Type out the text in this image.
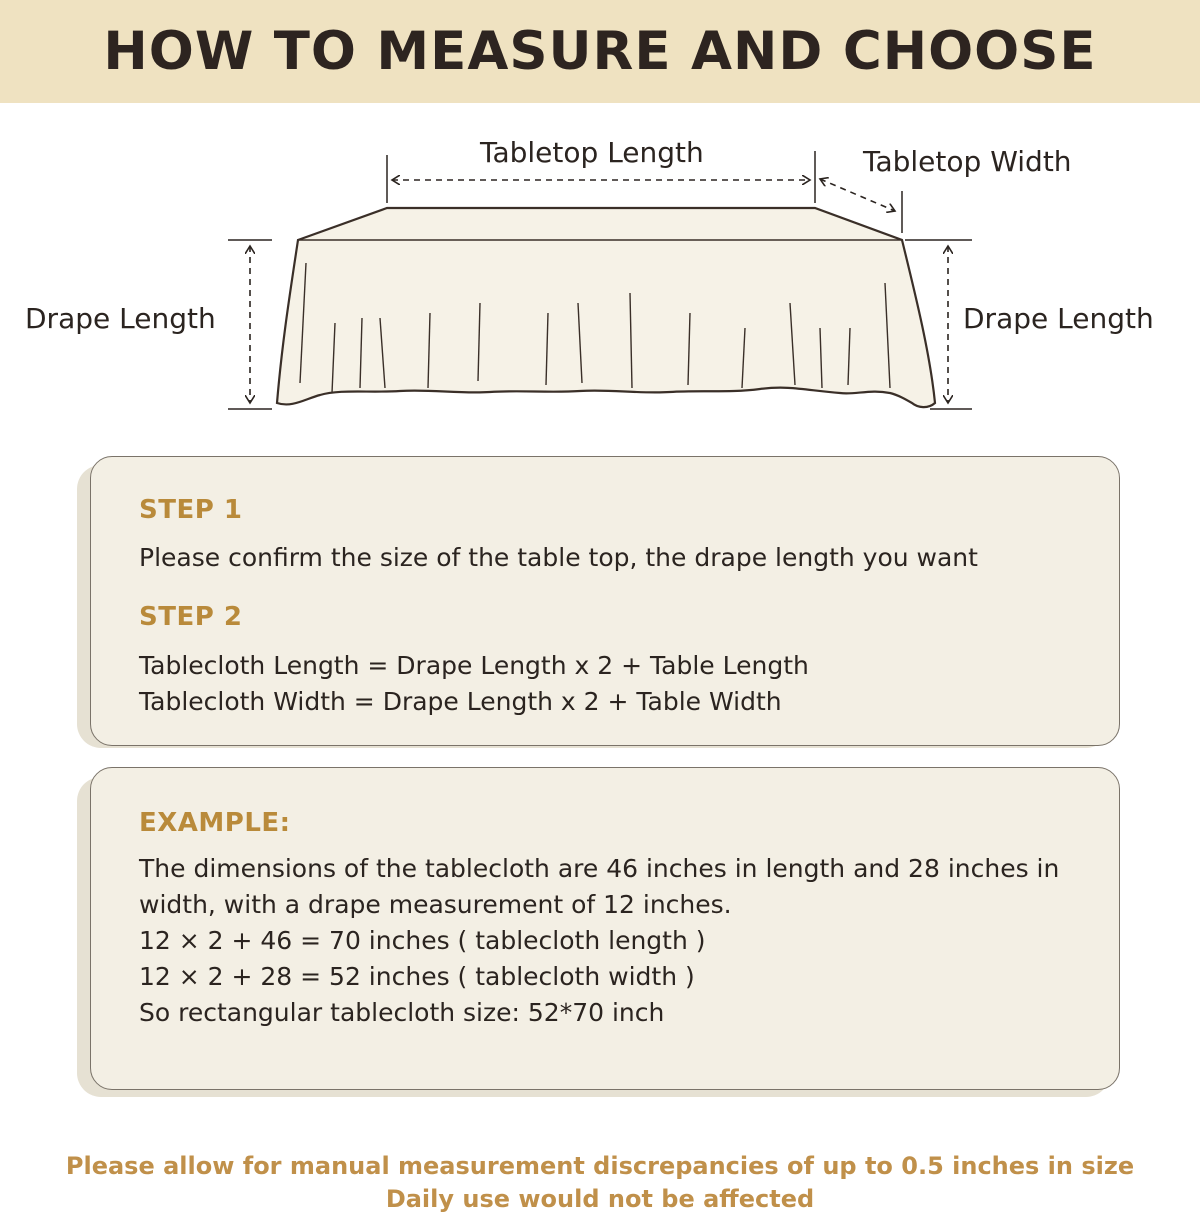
HOW TO MEASURE AND CHOOSE
Tabletop Length	Tabletop Width
Drape Length	Drape Length
STEP 1
Please confirm the size of the table top, the drape length you want
STEP 2
Tablecloth Length = Drape Length x 2 + Table Length
Tablecloth Width = Drape Length x 2 + Table Width
EXAMPLE:
The dimensions of the tablecloth are 46 inches in length and 28 inches in
width, with a drape measurement of 12 inches.
12 × 2 + 46 = 70 inches ( tablecloth length )
12 × 2 + 28 = 52 inches ( tablecloth width )
So rectangular tablecloth size: 52*70 inch
Please allow for manual measurement discrepancies of up to 0.5 inches in size
Daily use would not be affected
